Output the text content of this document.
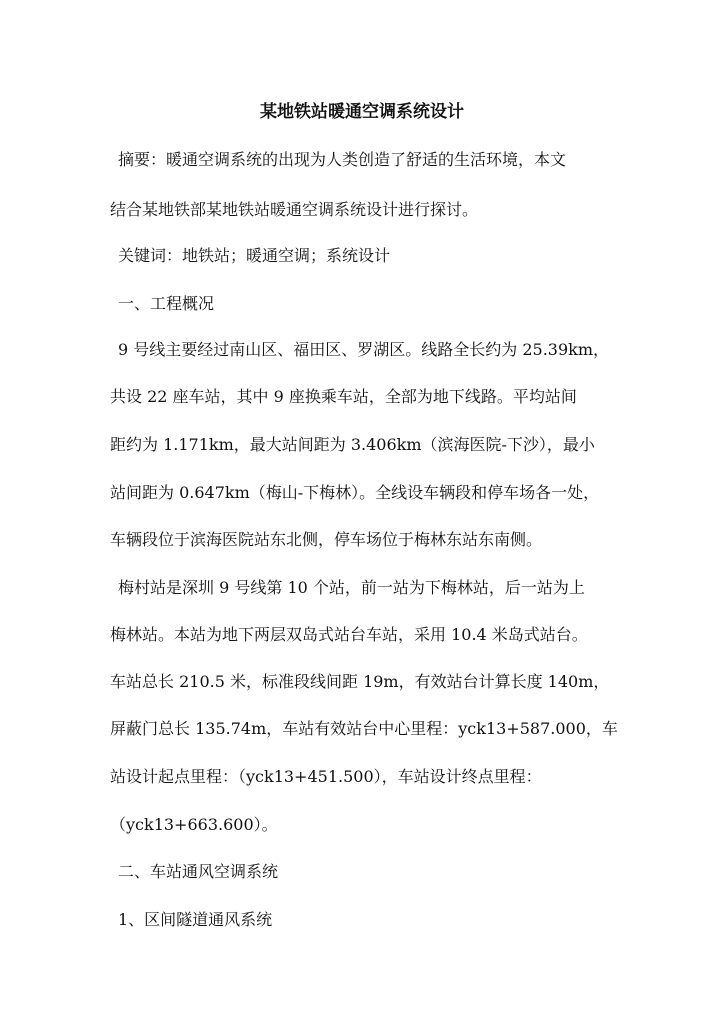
某地铁站暖通空调系统设计
摘要：暖通空调系统的出现为人类创造了舒适的生活环境，本文
结合某地铁部某地铁站暖通空调系统设计进行探讨。
关键词：地铁站；暖通空调；系统设计
一、工程概况
9 号线主要经过南山区、福田区、罗湖区。线路全长约为 25.39km，
共设 22 座车站，其中 9 座换乘车站，全部为地下线路。平均站间
距约为 1.171km，最大站间距为 3.406km（滨海医院-下沙），最小
站间距为 0.647km（梅山-下梅林）。全线设车辆段和停车场各一处，
车辆段位于滨海医院站东北侧，停车场位于梅林东站东南侧。
梅村站是深圳 9 号线第 10 个站，前一站为下梅林站，后一站为上
梅林站。本站为地下两层双岛式站台车站，采用 10.4 米岛式站台。
车站总长 210.5 米，标准段线间距 19m，有效站台计算长度 140m，
屏蔽门总长 135.74m，车站有效站台中心里程：yck13+587.000，车
站设计起点里程：（yck13+451.500），车站设计终点里程：
（yck13+663.600）。
二、车站通风空调系统
1、区间隧道通风系统
